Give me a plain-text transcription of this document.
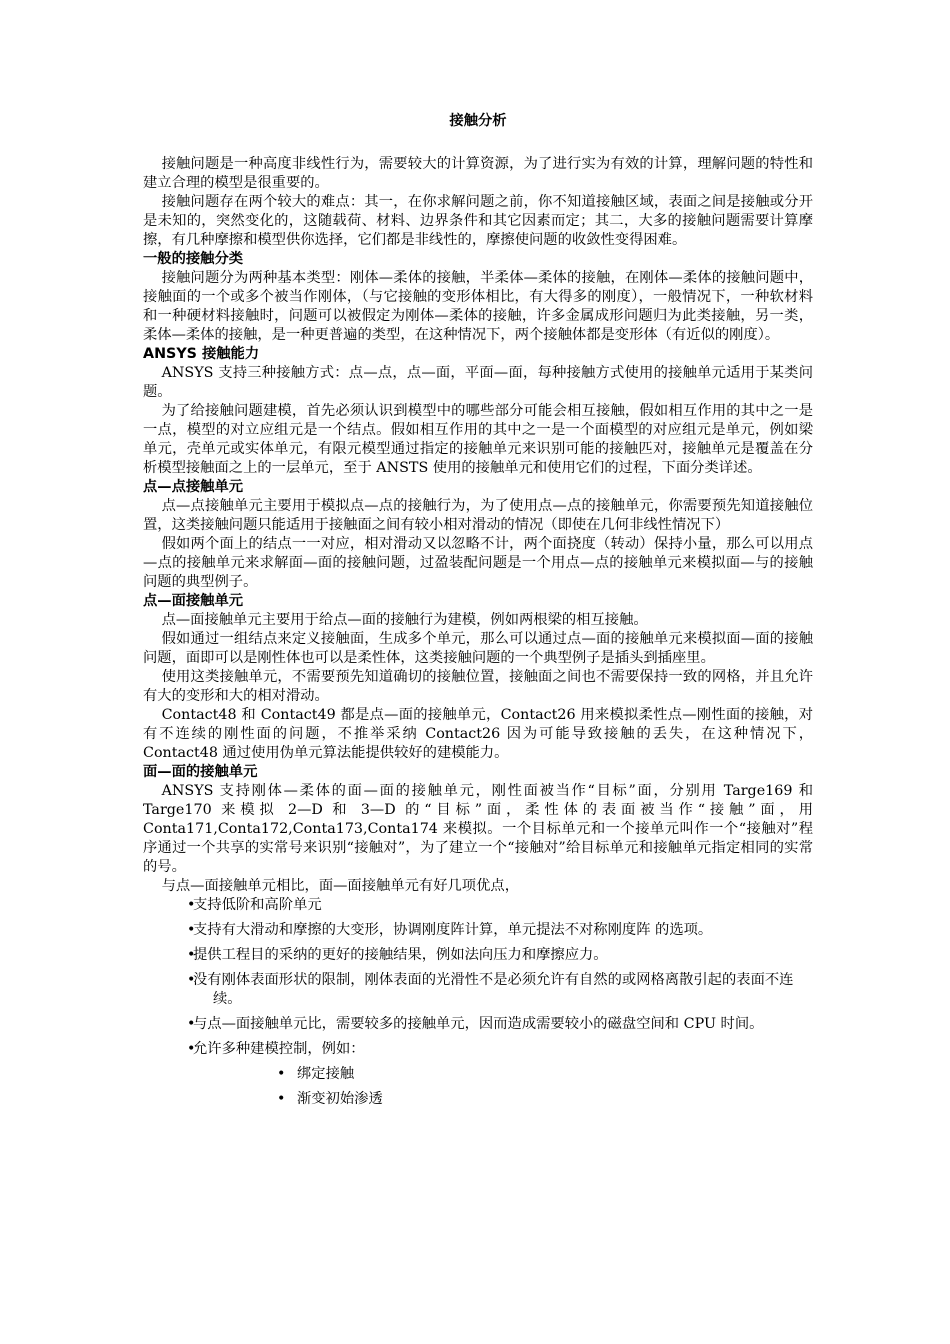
接触分析

接触问题是一种高度非线性行为，需要较大的计算资源，为了进行实为有效的计算，理解问题的特性和建立合理的模型是很重要的。

接触问题存在两个较大的难点：其一，在你求解问题之前，你不知道接触区域，表面之间是接触或分开是未知的，突然变化的，这随载荷、材料、边界条件和其它因素而定；其二，大多的接触问题需要计算摩擦，有几种摩擦和模型供你选择，它们都是非线性的，摩擦使问题的收敛性变得困难。

一般的接触分类

接触问题分为两种基本类型：刚体—柔体的接触，半柔体—柔体的接触，在刚体—柔体的接触问题中，接触面的一个或多个被当作刚体，（与它接触的变形体相比，有大得多的刚度），一般情况下，一种软材料和一种硬材料接触时，问题可以被假定为刚体—柔体的接触，许多金属成形问题归为此类接触，另一类，柔体—柔体的接触，是一种更普遍的类型，在这种情况下，两个接触体都是变形体（有近似的刚度）。

ANSYS 接触能力

ANSYS 支持三种接触方式：点—点，点—面，平面—面，每种接触方式使用的接触单元适用于某类问题。

为了给接触问题建模，首先必须认识到模型中的哪些部分可能会相互接触，假如相互作用的其中之一是一点，模型的对立应组元是一个结点。假如相互作用的其中之一是一个面模型的对应组元是单元，例如梁单元，壳单元或实体单元，有限元模型通过指定的接触单元来识别可能的接触匹对，接触单元是覆盖在分析模型接触面之上的一层单元，至于 ANSTS 使用的接触单元和使用它们的过程，下面分类详述。

点—点接触单元

点—点接触单元主要用于模拟点—点的接触行为，为了使用点—点的接触单元，你需要预先知道接触位置，这类接触问题只能适用于接触面之间有较小相对滑动的情况（即使在几何非线性情况下）

假如两个面上的结点一一对应，相对滑动又以忽略不计，两个面挠度（转动）保持小量，那么可以用点—点的接触单元来求解面—面的接触问题，过盈装配问题是一个用点—点的接触单元来模拟面—与的接触问题的典型例子。

点—面接触单元

点—面接触单元主要用于给点—面的接触行为建模，例如两根梁的相互接触。

假如通过一组结点来定义接触面，生成多个单元，那么可以通过点—面的接触单元来模拟面—面的接触问题，面即可以是刚性体也可以是柔性体，这类接触问题的一个典型例子是插头到插座里。

使用这类接触单元，不需要预先知道确切的接触位置，接触面之间也不需要保持一致的网格，并且允许有大的变形和大的相对滑动。

Contact48 和 Contact49 都是点—面的接触单元，Contact26 用来模拟柔性点—刚性面的接触，对有不连续的刚性面的问题，不推举采纳 Contact26 因为可能导致接触的丢失，在这种情况下，Contact48 通过使用伪单元算法能提供较好的建模能力。

面—面的接触单元

ANSYS 支持刚体—柔体的面—面的接触单元，刚性面被当作“目标”面，分别用 Targe169 和 Targe170 来模拟 2—D 和 3—D 的“目标”面，柔性体的表面被当作“接触”面，用 Conta171,Conta172,Conta173,Conta174 来模拟。一个目标单元和一个接单元叫作一个“接触对”程序通过一个共享的实常号来识别“接触对”，为了建立一个“接触对”给目标单元和接触单元指定相同的实常的号。

与点—面接触单元相比，面—面接触单元有好几项优点，

•
支持低阶和高阶单元
•
支持有大滑动和摩擦的大变形，协调刚度阵计算，单元提法不对称刚度阵 的选项。
•
提供工程目的采纳的更好的接触结果，例如法向压力和摩擦应力。
•
没有刚体表面形状的限制，刚体表面的光滑性不是必须允许有自然的或网格离散引起的表面不连续。
•
与点—面接触单元比，需要较多的接触单元，因而造成需要较小的磁盘空间和 CPU 时间。
•
允许多种建模控制，例如：
• 绑定接触
• 渐变初始渗透
